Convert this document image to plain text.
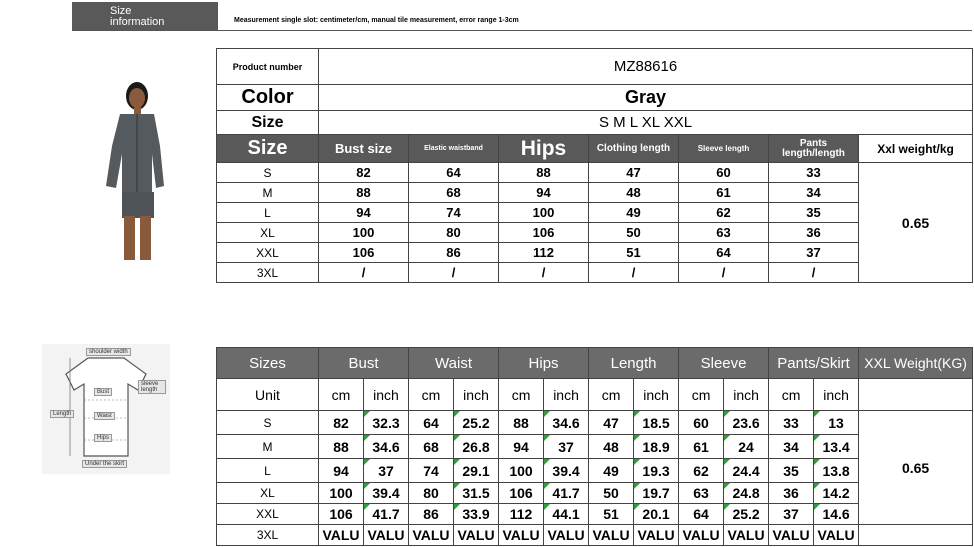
Size
information	Measurement single slot: centimeter/cm, manual tile measurement, error range 1-3cm
Product number	MZ88616						
Color	Gray						
Size	S M L XL XXL						
Size	Bust size	Elastic waistband	Hips	Clothing length	Sleeve length	Pants length/length	Xxl weight/kg
S	82	64	88	47	60	33	0.65
M	88	68	94	48	61	34	
L	94	74	100	49	62	35	
XL	100	80	106	50	63	36	
XXL	106	86	112	51	64	37	
3XL	/	/	/	/	/	/	
shoulder width
sleeve length
Bust
Length	Waist
Hips
Under the skirt
Sizes	Bust		Waist		Hips		Length		Sleeve		Pants/Skirt		XXL Weight(KG)
Unit	cm	inch	cm	inch	cm	inch	cm	inch	cm	inch	cm	inch	
S	82	32.3	64	25.2	88	34.6	47	18.5	60	23.6	33	13	0.65
M	88	34.6	68	26.8	94	37	48	18.9	61	24	34	13.4	
L	94	37	74	29.1	100	39.4	49	19.3	62	24.4	35	13.8	
XL	100	39.4	80	31.5	106	41.7	50	19.7	63	24.8	36	14.2	
XXL	106	41.7	86	33.9	112	44.1	51	20.1	64	25.2	37	14.6	
3XL	VALU	VALU	VALU	VALU	VALU	VALU	VALU	VALU	VALU	VALU	VALU	VALU	
